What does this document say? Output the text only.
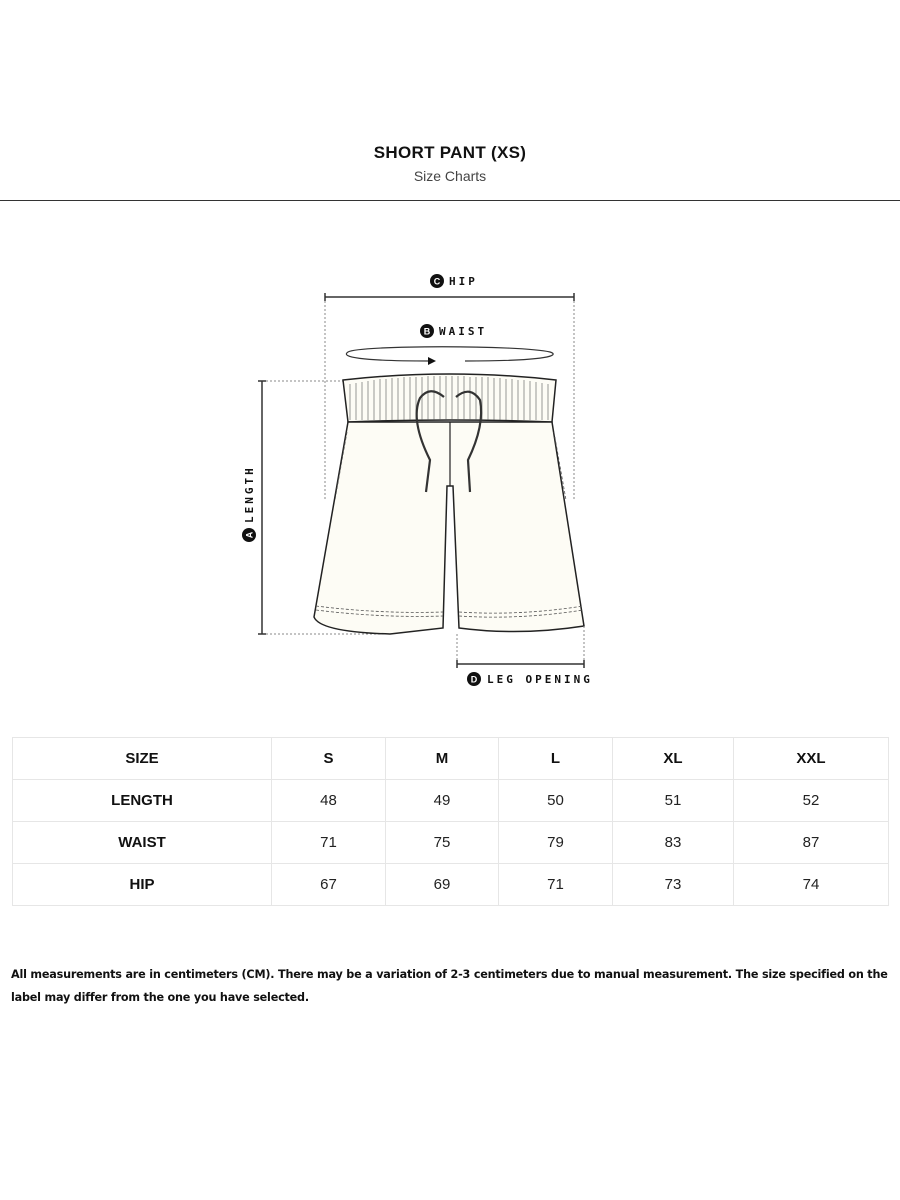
SHORT PANT (XS)
Size Charts
C HIP
B WAIST
A
LENGTH
D LEG OPENING
SIZE	S	M	L	XL	XXL
LENGTH	48	49	50	51	52
WAIST	71	75	79	83	87
HIP	67	69	71	73	74
All measurements are in centimeters (CM). There may be a variation of 2-3 centimeters due to manual measurement. The size specified on the label may differ from the one you have selected.
